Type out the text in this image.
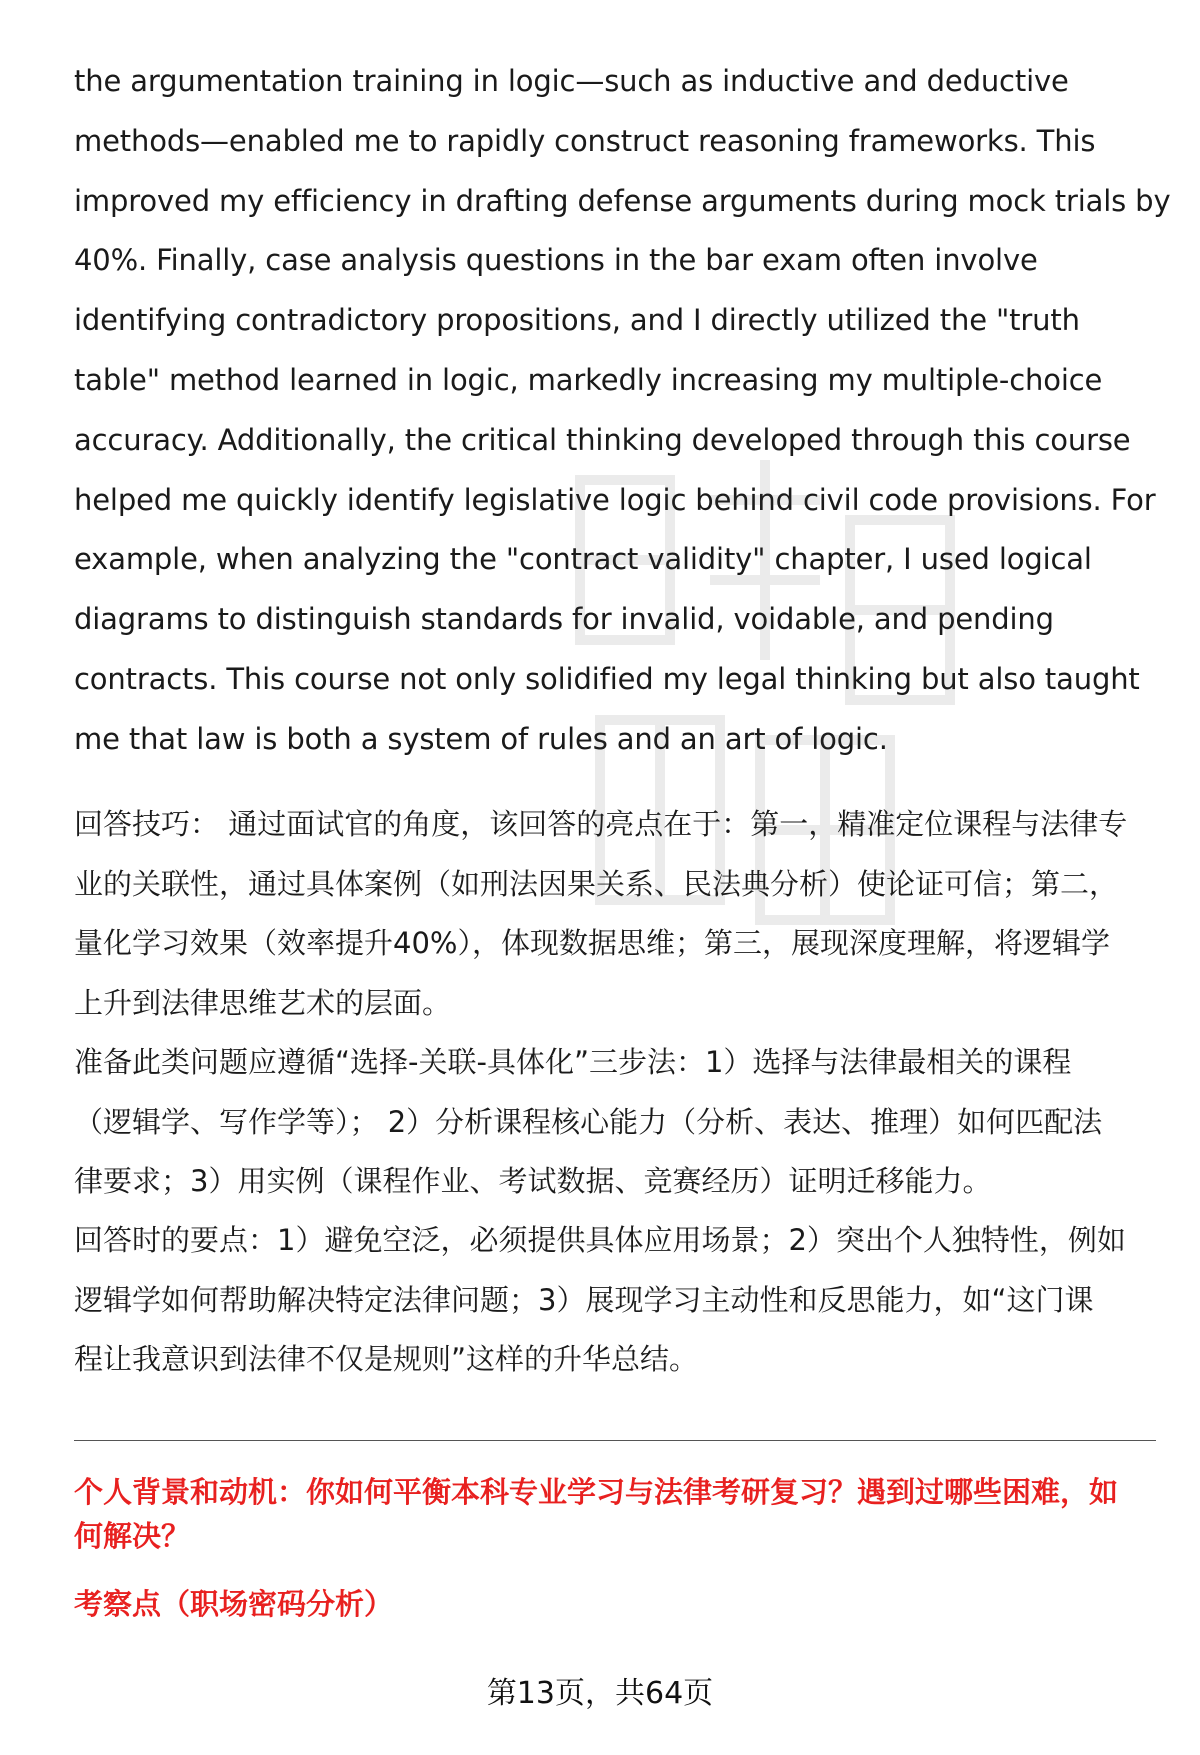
the argumentation training in logic—such as inductive and deductive
methods—enabled me to rapidly construct reasoning frameworks. This
improved my efficiency in drafting defense arguments during mock trials by
40%. Finally, case analysis questions in the bar exam often involve
identifying contradictory propositions, and I directly utilized the "truth
table" method learned in logic, markedly increasing my multiple-choice
accuracy. Additionally, the critical thinking developed through this course
helped me quickly identify legislative logic behind civil code provisions. For
example, when analyzing the "contract validity" chapter, I used logical
diagrams to distinguish standards for invalid, voidable, and pending
contracts. This course not only solidified my legal thinking but also taught
me that law is both a system of rules and an art of logic.
回答技巧： 通过面试官的角度，该回答的亮点在于：第一，精准定位课程与法律专
业的关联性，通过具体案例（如刑法因果关系、民法典分析）使论证可信；第二，
量化学习效果（效率提升40%），体现数据思维；第三，展现深度理解，将逻辑学
上升到法律思维艺术的层面。
准备此类问题应遵循“选择-关联-具体化”三步法：1）选择与法律最相关的课程
（逻辑学、写作学等）； 2）分析课程核心能力（分析、表达、推理）如何匹配法
律要求；3）用实例（课程作业、考试数据、竞赛经历）证明迁移能力。
回答时的要点：1）避免空泛，必须提供具体应用场景；2）突出个人独特性，例如
逻辑学如何帮助解决特定法律问题；3）展现学习主动性和反思能力，如“这门课
程让我意识到法律不仅是规则”这样的升华总结。
个人背景和动机：你如何平衡本科专业学习与法律考研复习？遇到过哪些困难，如
何解决？
考察点（职场密码分析）
第13页，共64页
